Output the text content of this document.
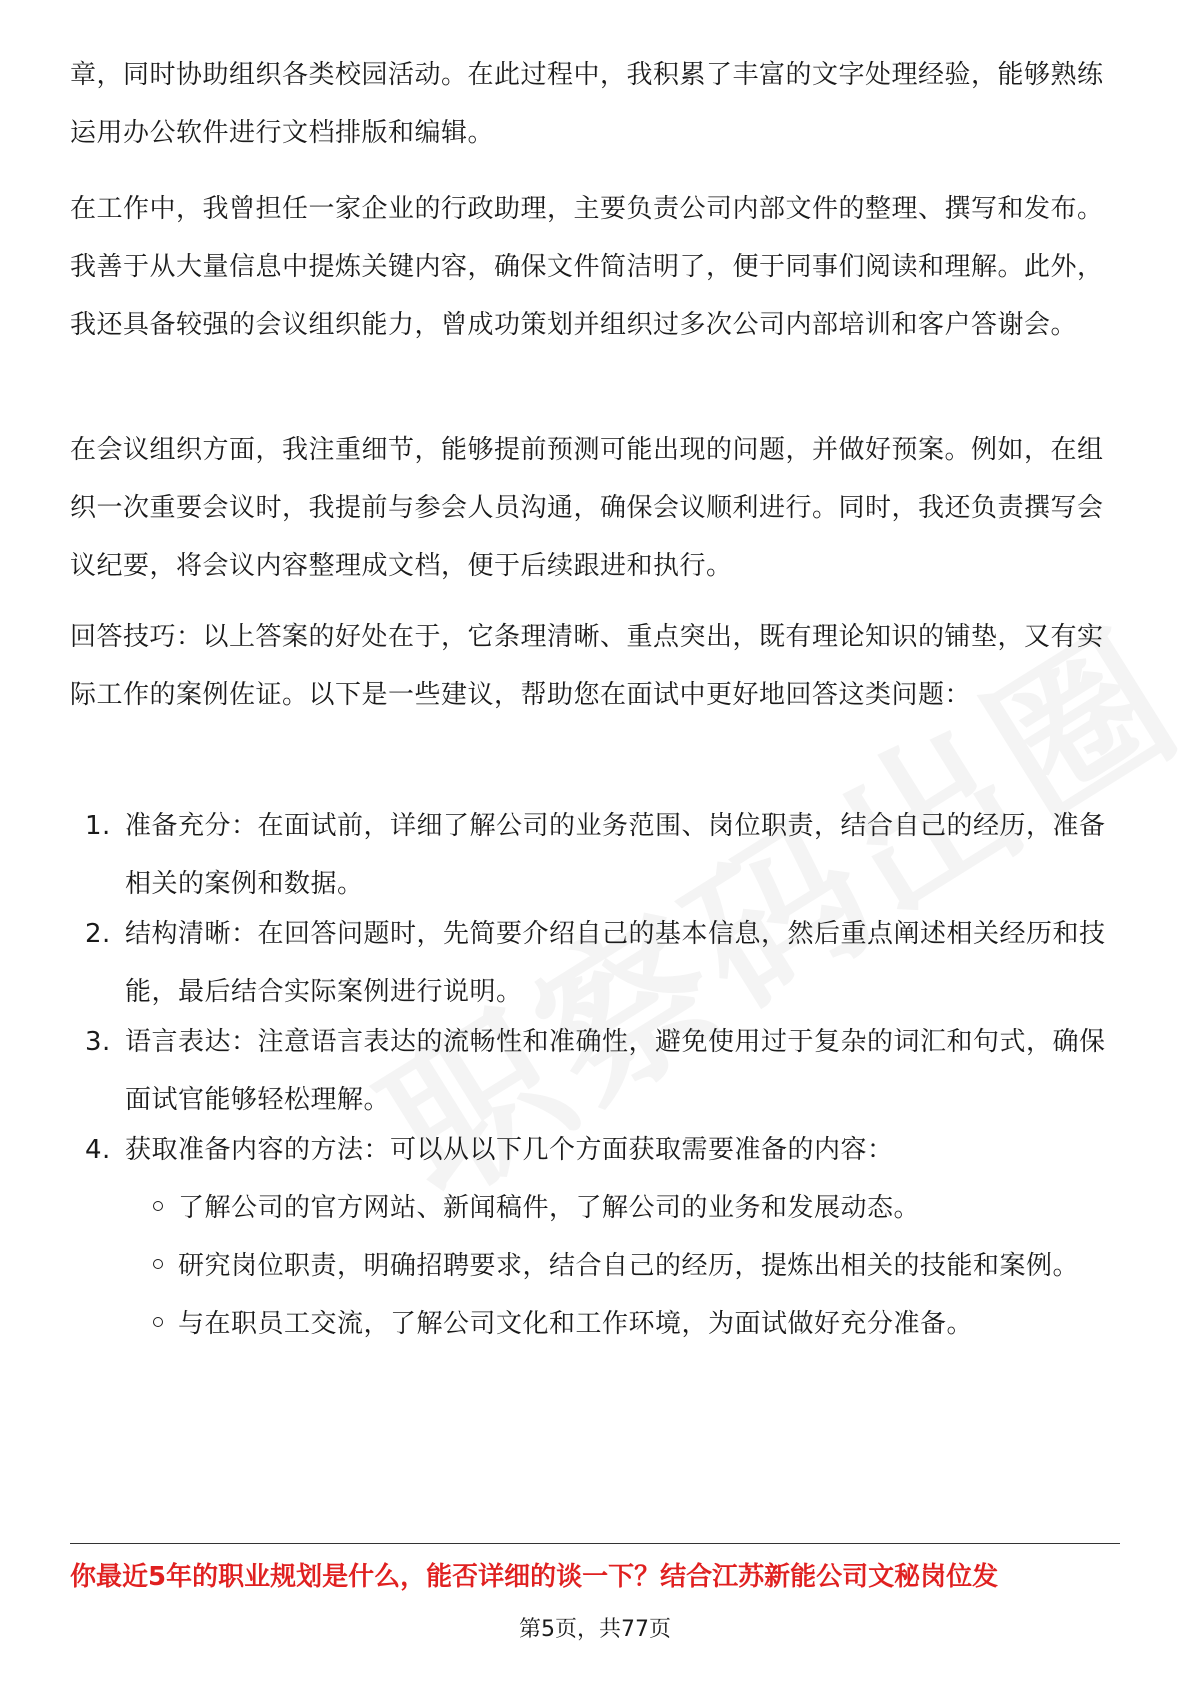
章，同时协助组织各类校园活动。在此过程中，我积累了丰富的文字处理经验，能够熟练运用办公软件进行文档排版和编辑。

在工作中，我曾担任一家企业的行政助理，主要负责公司内部文件的整理、撰写和发布。我善于从大量信息中提炼关键内容，确保文件简洁明了，便于同事们阅读和理解。此外，我还具备较强的会议组织能力，曾成功策划并组织过多次公司内部培训和客户答谢会。

在会议组织方面，我注重细节，能够提前预测可能出现的问题，并做好预案。例如，在组织一次重要会议时，我提前与参会人员沟通，确保会议顺利进行。同时，我还负责撰写会议纪要，将会议内容整理成文档，便于后续跟进和执行。

回答技巧：以上答案的好处在于，它条理清晰、重点突出，既有理论知识的铺垫，又有实际工作的案例佐证。以下是一些建议，帮助您在面试中更好地回答这类问题：

1. 准备充分：在面试前，详细了解公司的业务范围、岗位职责，结合自己的经历，准备相关的案例和数据。
2. 结构清晰：在回答问题时，先简要介绍自己的基本信息，然后重点阐述相关经历和技能，最后结合实际案例进行说明。
3. 语言表达：注意语言表达的流畅性和准确性，避免使用过于复杂的词汇和句式，确保面试官能够轻松理解。
4. 获取准备内容的方法：可以从以下几个方面获取需要准备的内容：
了解公司的官方网站、新闻稿件，了解公司的业务和发展动态。
研究岗位职责，明确招聘要求，结合自己的经历，提炼出相关的技能和案例。
与在职员工交流，了解公司文化和工作环境，为面试做好充分准备。
你最近5年的职业规划是什么，能否详细的谈一下？结合江苏新能公司文秘岗位发
第5页，共77页
